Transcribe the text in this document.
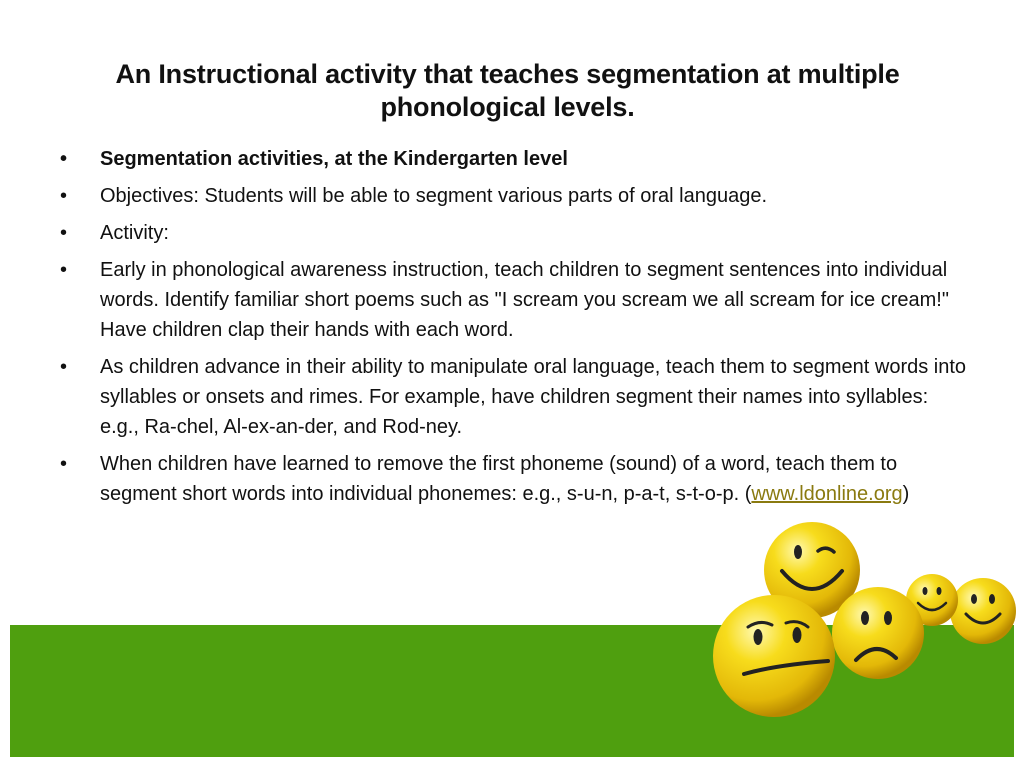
An Instructional activity that teaches segmentation at multiple phonological levels.
•	Segmentation activities, at the Kindergarten level
•	Objectives: Students will be able to segment various parts of oral language.
•	Activity:
•	Early in phonological awareness instruction, teach children to segment sentences into individual words. Identify familiar short poems such as "I scream you scream we all scream for ice cream!" Have children clap their hands with each word.
•	As children advance in their ability to manipulate oral language, teach them to segment words into syllables or onsets and rimes. For example, have children segment their names into syllables: e.g., Ra-chel, Al-ex-an-der, and Rod-ney.
•	When children have learned to remove the first phoneme (sound) of a word, teach them to segment short words into individual phonemes: e.g., s-u-n, p-a-t, s-t-o-p. (www.ldonline.org)
